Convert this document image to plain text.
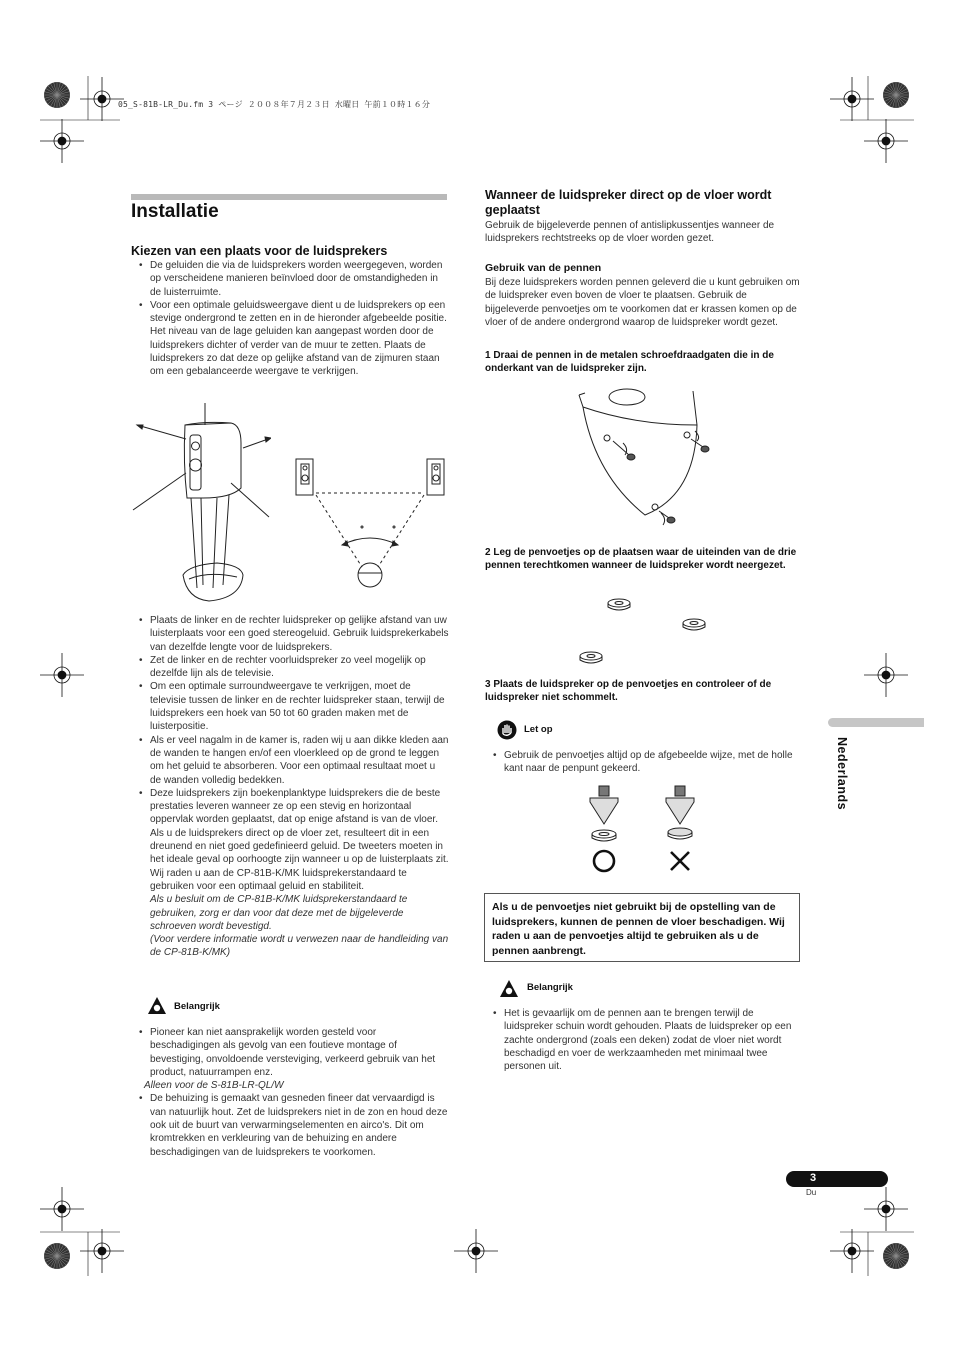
05_S-81B-LR_Du.fm 3 ページ ２００８年７月２３日 水曜日 午前１０時１６分
Installatie
Kiezen van een plaats voor de luidsprekers
• De geluiden die via de luidsprekers worden weergegeven, worden op verscheidene manieren beïnvloed door de omstandigheden in de luisterruimte.
• Voor een optimale geluidsweergave dient u de luidsprekers op een stevige ondergrond te zetten en in de hieronder afgebeelde positie. Het niveau van de lage geluiden kan aangepast worden door de luidsprekers dichter of verder van de muur te zetten. Plaats de luidsprekers zo dat deze op gelijke afstand van de zijmuren staan om een gebalanceerde weergave te verkrijgen.
• Plaats de linker en de rechter luidspreker op gelijke afstand van uw luisterplaats voor een goed stereogeluid. Gebruik luidsprekerkabels van dezelfde lengte voor de luidsprekers.
• Zet de linker en de rechter voorluidspreker zo veel mogelijk op dezelfde lijn als de televisie.
• Om een optimale surroundweergave te verkrijgen, moet de televisie tussen de linker en de rechter luidspreker staan, terwijl de luidsprekers een hoek van 50 tot 60 graden maken met de luisterpositie.
• Als er veel nagalm in de kamer is, raden wij u aan dikke kleden aan de wanden te hangen en/of een vloerkleed op de grond te leggen om het geluid te absorberen. Voor een optimaal resultaat moet u de wanden volledig bedekken.
• Deze luidsprekers zijn boekenplanktype luidsprekers die de beste prestaties leveren wanneer ze op een stevig en horizontaal oppervlak worden geplaatst, dat op enige afstand is van de vloer. Als u de luidsprekers direct op de vloer zet, resulteert dit in een dreunend en niet goed gedefinieerd geluid. De tweeters moeten in het ideale geval op oorhoogte zijn wanneer u op de luisterplaats zit. Wij raden u aan de CP-81B-K/MK luidsprekerstandaard te gebruiken voor een optimaal geluid en stabiliteit.
Als u besluit om de CP-81B-K/MK luidsprekerstandaard te gebruiken, zorg er dan voor dat deze met de bijgeleverde schroeven wordt bevestigd.
(Voor verdere informatie wordt u verwezen naar de handleiding van de CP-81B-K/MK)
Belangrijk
• Pioneer kan niet aansprakelijk worden gesteld voor beschadigingen als gevolg van een foutieve montage of bevestiging, onvoldoende versteviging, verkeerd gebruik van het product, natuurrampen enz.
Alleen voor de S-81B-LR-QL/W
• De behuizing is gemaakt van gesneden fineer dat vervaardigd is van natuurlijk hout. Zet de luidsprekers niet in de zon en houd deze ook uit de buurt van verwarmingselementen en airco's. Dit om kromtrekken en verkleuring van de behuizing en andere beschadigingen van de luidsprekers te voorkomen.
Wanneer de luidspreker direct op de vloer wordt geplaatst
Gebruik de bijgeleverde pennen of antislipkussentjes wanneer de luidsprekers rechtstreeks op de vloer worden gezet.
Gebruik van de pennen
Bij deze luidsprekers worden pennen geleverd die u kunt gebruiken om de luidspreker even boven de vloer te plaatsen. Gebruik de bijgeleverde penvoetjes om te voorkomen dat er krassen komen op de vloer of de andere ondergrond waarop de luidspreker wordt gezet.
1 Draai de pennen in de metalen schroefdraadgaten die in de onderkant van de luidspreker zijn.
2 Leg de penvoetjes op de plaatsen waar de uiteinden van de drie pennen terechtkomen wanneer de luidspreker wordt neergezet.
3 Plaats de luidspreker op de penvoetjes en controleer of de luidspreker niet schommelt.
Let op
• Gebruik de penvoetjes altijd op de afgebeelde wijze, met de holle kant naar de penpunt gekeerd.
Als u de penvoetjes niet gebruikt bij de opstelling van de luidsprekers, kunnen de pennen de vloer beschadigen. Wij raden u aan de penvoetjes altijd te gebruiken als u de pennen aanbrengt.
Belangrijk
• Het is gevaarlijk om de pennen aan te brengen terwijl de luidspreker schuin wordt gehouden. Plaats de luidspreker op een zachte ondergrond (zoals een deken) zodat de vloer niet wordt beschadigd en voer de werkzaamheden met minimaal twee personen uit.
Nederlands
3
Du
